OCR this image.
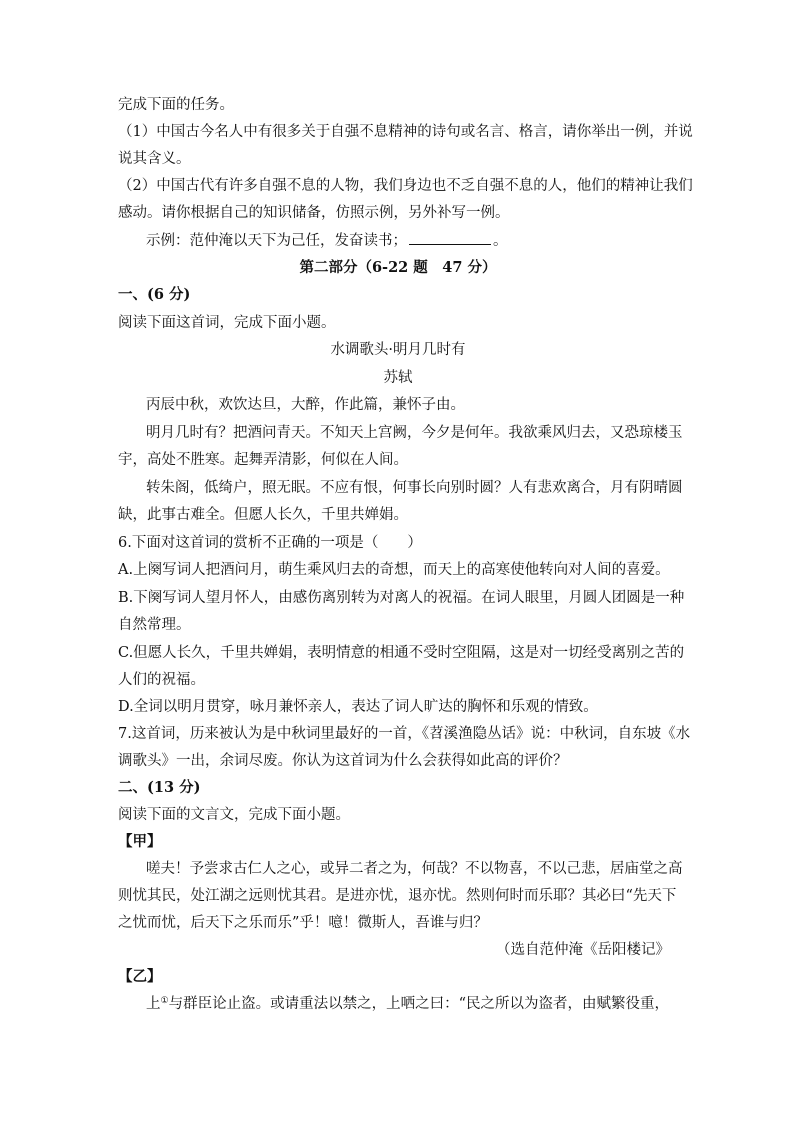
完成下面的任务。
（1）中国古今名人中有很多关于自强不息精神的诗句或名言、格言，请你举出一例，并说
说其含义。
（2）中国古代有许多自强不息的人物，我们身边也不乏自强不息的人，他们的精神让我们
感动。请你根据自己的知识储备，仿照示例，另外补写一例。
示例：范仲淹以天下为己任，发奋读书；	。
第二部分（6-22 题　47 分）
一、(6 分)
阅读下面这首词，完成下面小题。
水调歌头·明月几时有
苏轼
丙辰中秋，欢饮达旦，大醉，作此篇，兼怀子由。
明月几时有？把酒问青天。不知天上宫阙，今夕是何年。我欲乘风归去，又恐琼楼玉
宇，高处不胜寒。起舞弄清影，何似在人间。
转朱阁，低绮户，照无眠。不应有恨，何事长向别时圆？人有悲欢离合，月有阴晴圆
缺，此事古难全。但愿人长久，千里共婵娟。
6.下面对这首词的赏析不正确的一项是（　　）
A.上阕写词人把酒问月，萌生乘风归去的奇想，而天上的高寒使他转向对人间的喜爱。
B.下阕写词人望月怀人，由感伤离别转为对离人的祝福。在词人眼里，月圆人团圆是一种
自然常理。
C.但愿人长久，千里共婵娟，表明情意的相通不受时空阻隔，这是对一切经受离别之苦的
人们的祝福。
D.全词以明月贯穿，咏月兼怀亲人，表达了词人旷达的胸怀和乐观的情致。
7.这首词，历来被认为是中秋词里最好的一首，《苕溪渔隐丛话》说：中秋词，自东坡《水
调歌头》一出，余词尽废。你认为这首词为什么会获得如此高的评价？
二、(13 分)
阅读下面的文言文，完成下面小题。
【甲】
嗟夫！予尝求古仁人之心，或异二者之为，何哉？不以物喜，不以己悲，居庙堂之高
则忧其民，处江湖之远则忧其君。是进亦忧，退亦忧。然则何时而乐耶？其必曰“先天下
之忧而忧，后天下之乐而乐”乎！噫！微斯人，吾谁与归？
（选自范仲淹《岳阳楼记》
【乙】
上①与群臣论止盗。或请重法以禁之，上哂之曰：“民之所以为盗者，由赋繁役重，
